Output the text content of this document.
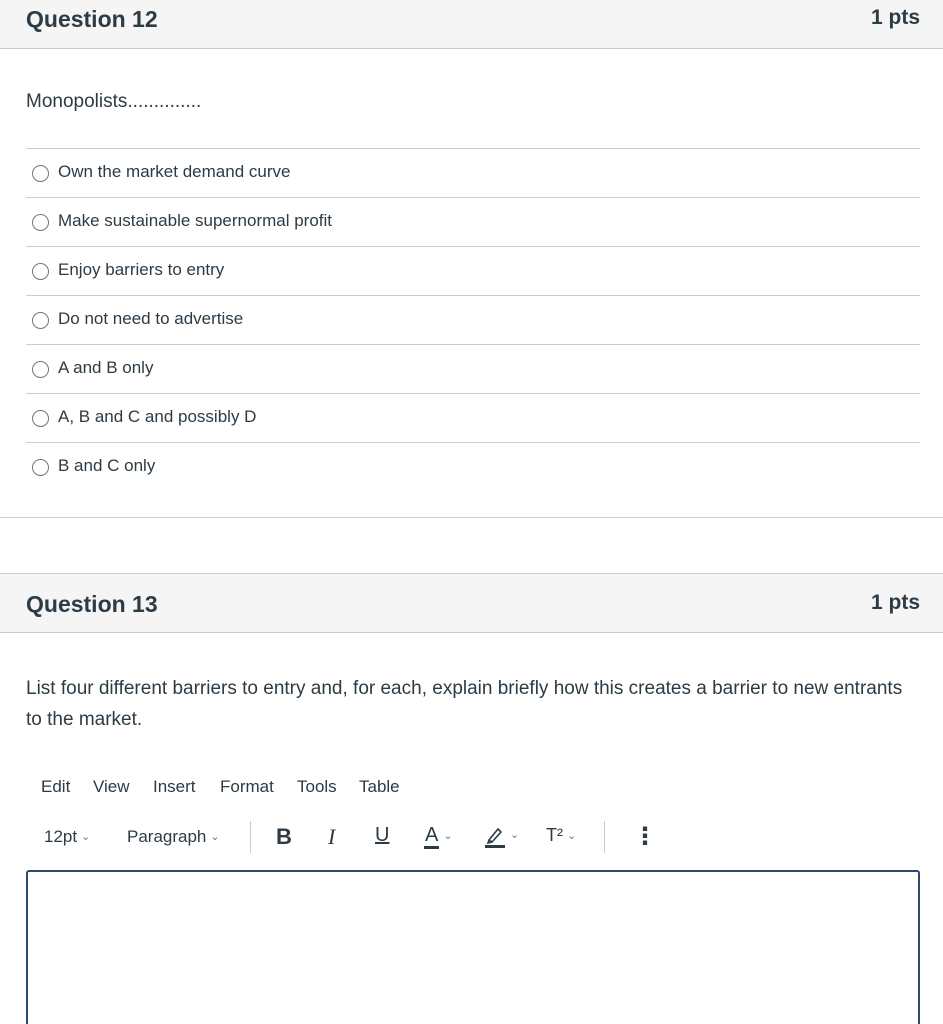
Question 12	1 pts
Monopolists..............
Own the market demand curve
Make sustainable supernormal profit
Enjoy barriers to entry
Do not need to advertise
A and B only
A, B and C and possibly D
B and C only
Question 13	1 pts
List four different barriers to entry and, for each, explain briefly how this creates a barrier to new entrants to the market.
Edit View Insert Format Tools Table
12pt ⌄ Paragraph ⌄	B I U A ⌄	⌄ T² ⌄ ⋮
